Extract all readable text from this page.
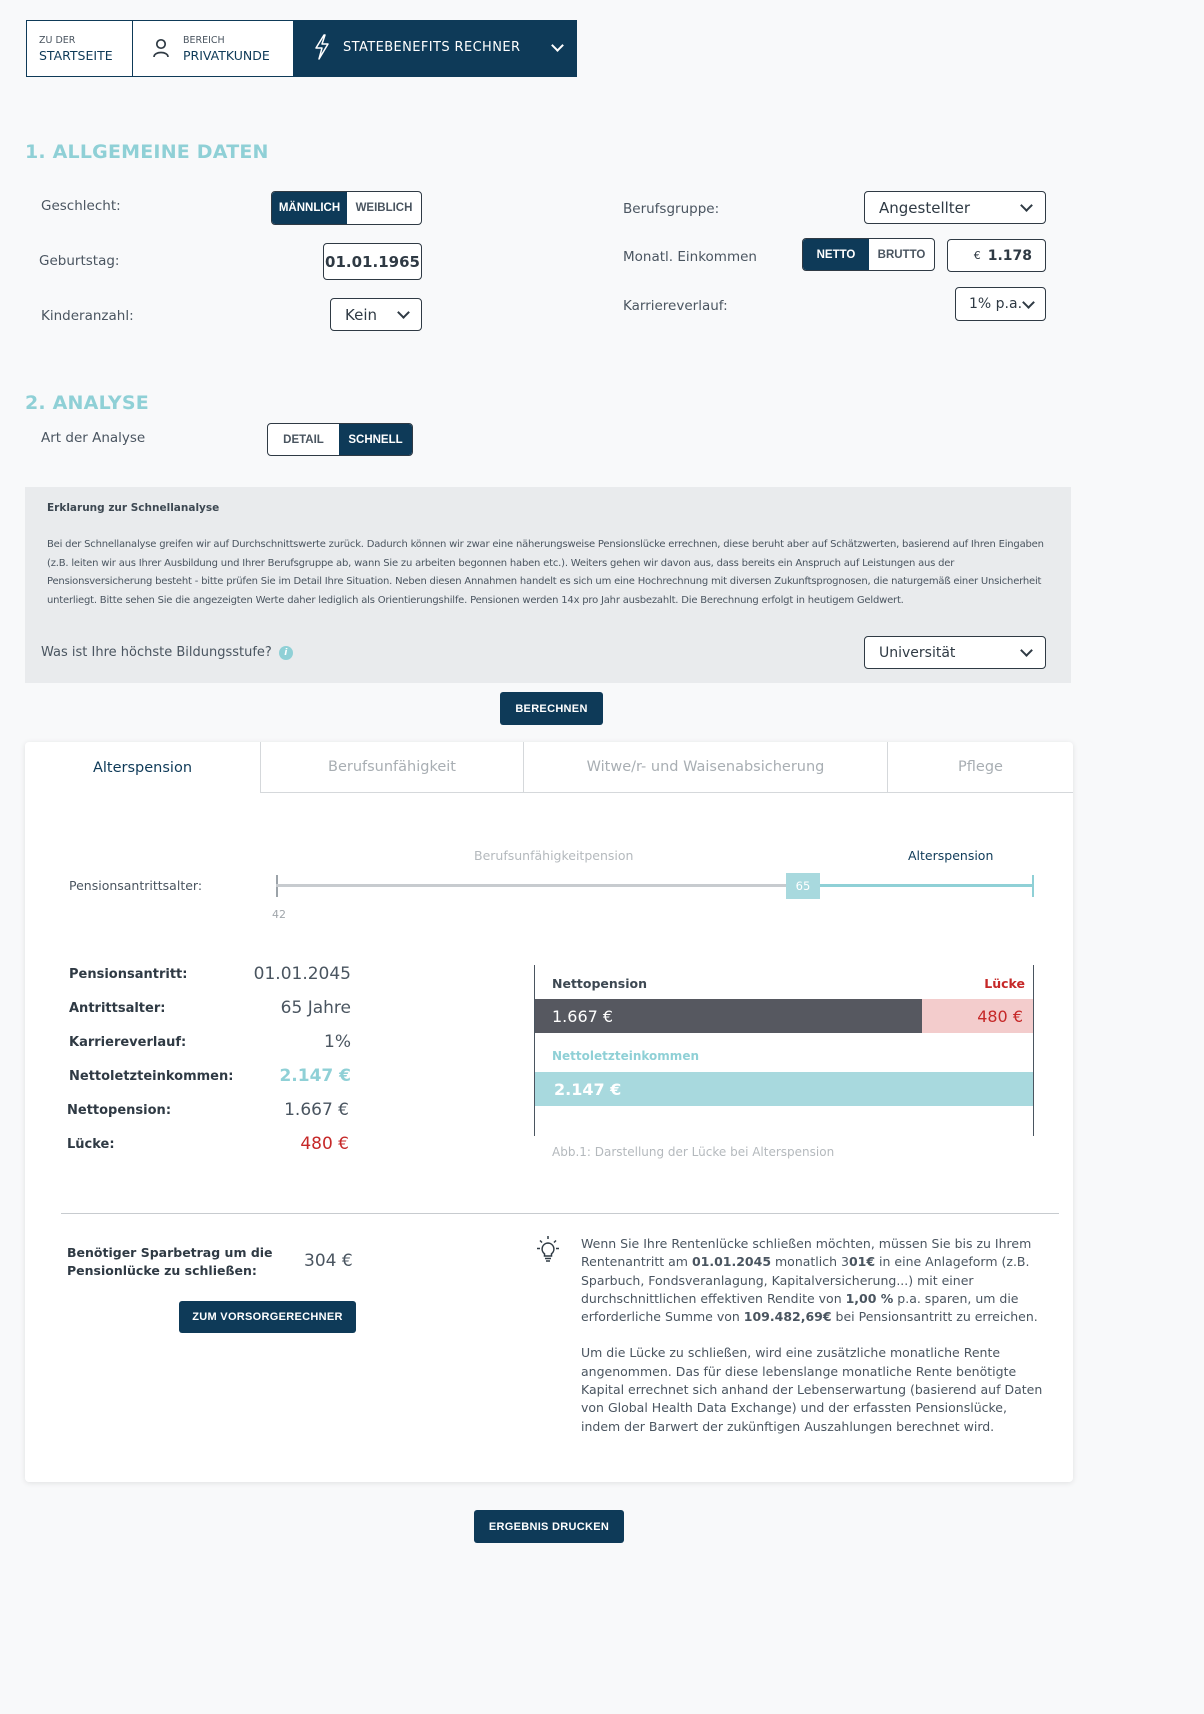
ZU DER
STARTSEITE
BEREICH
PRIVATKUNDE
STATEBENEFITS RECHNER
1. ALLGEMEINE DATEN
Geschlecht:	MÄNNLICH	WEIBLICH
Geburtstag:	01.01.1965
Kinderanzahl:	Kein
Berufsgruppe:	Angestellter
Monatl. Einkommen	NETTO	BRUTTO	€ 1.178
Karriereverlauf:	1% p.a.
2. ANALYSE
Art der Analyse	DETAIL	SCHNELL
Erklarung zur Schnellanalyse
Bei der Schnellanalyse greifen wir auf Durchschnittswerte zurück. Dadurch können wir zwar eine näherungsweise Pensionslücke errechnen, diese beruht aber auf Schätzwerten, basierend auf Ihren Eingaben (z.B. leiten wir aus Ihrer Ausbildung und Ihrer Berufsgruppe ab, wann Sie zu arbeiten begonnen haben etc.). Weiters gehen wir davon aus, dass bereits ein Anspruch auf Leistungen aus der Pensionsversicherung besteht - bitte prüfen Sie im Detail Ihre Situation. Neben diesen Annahmen handelt es sich um eine Hochrechnung mit diversen Zukunftsprognosen, die naturgemäß einer Unsicherheit unterliegt. Bitte sehen Sie die angezeigten Werte daher lediglich als Orientierungshilfe. Pensionen werden 14x pro Jahr ausbezahlt. Die Berechnung erfolgt in heutigem Geldwert.
Was ist Ihre höchste Bildungsstufe?	i	Universität
BERECHNEN
Alterspension	Berufsunfähigkeit	Witwe/r- und Waisenabsicherung	Pflege
Berufsunfähigkeitpension	Alterspension
Pensionsantrittsalter:	65
42
Pensionsantritt:	01.01.2045
Antrittsalter:	65 Jahre
Karriereverlauf:	1%
Nettoletzteinkommen:	2.147 €
Nettopension:	1.667 €
Lücke:	480 €
Nettopension	Lücke
1.667 €	480 €
Nettoletzteinkommen
2.147 €
Abb.1: Darstellung der Lücke bei Alterspension
Benötiger Sparbetrag um die
Pensionlücke zu schließen:	304 €
ZUM VORSORGERECHNER

Wenn Sie Ihre Rentenlücke schließen möchten, müssen Sie bis zu Ihrem Rentenantritt am 01.01.2045 monatlich 301€ in eine Anlageform (z.B. Sparbuch, Fondsveranlagung, Kapitalversicherung...) mit einer durchschnittlichen effektiven Rendite von 1,00 % p.a. sparen, um die erforderliche Summe von 109.482,69€ bei Pensionsantritt zu erreichen.

Um die Lücke zu schließen, wird eine zusätzliche monatliche Rente angenommen. Das für diese lebenslange monatliche Rente benötigte Kapital errechnet sich anhand der Lebenserwartung (basierend auf Daten von Global Health Data Exchange) und der erfassten Pensionslücke, indem der Barwert der zukünftigen Auszahlungen berechnet wird.

ERGEBNIS DRUCKEN
